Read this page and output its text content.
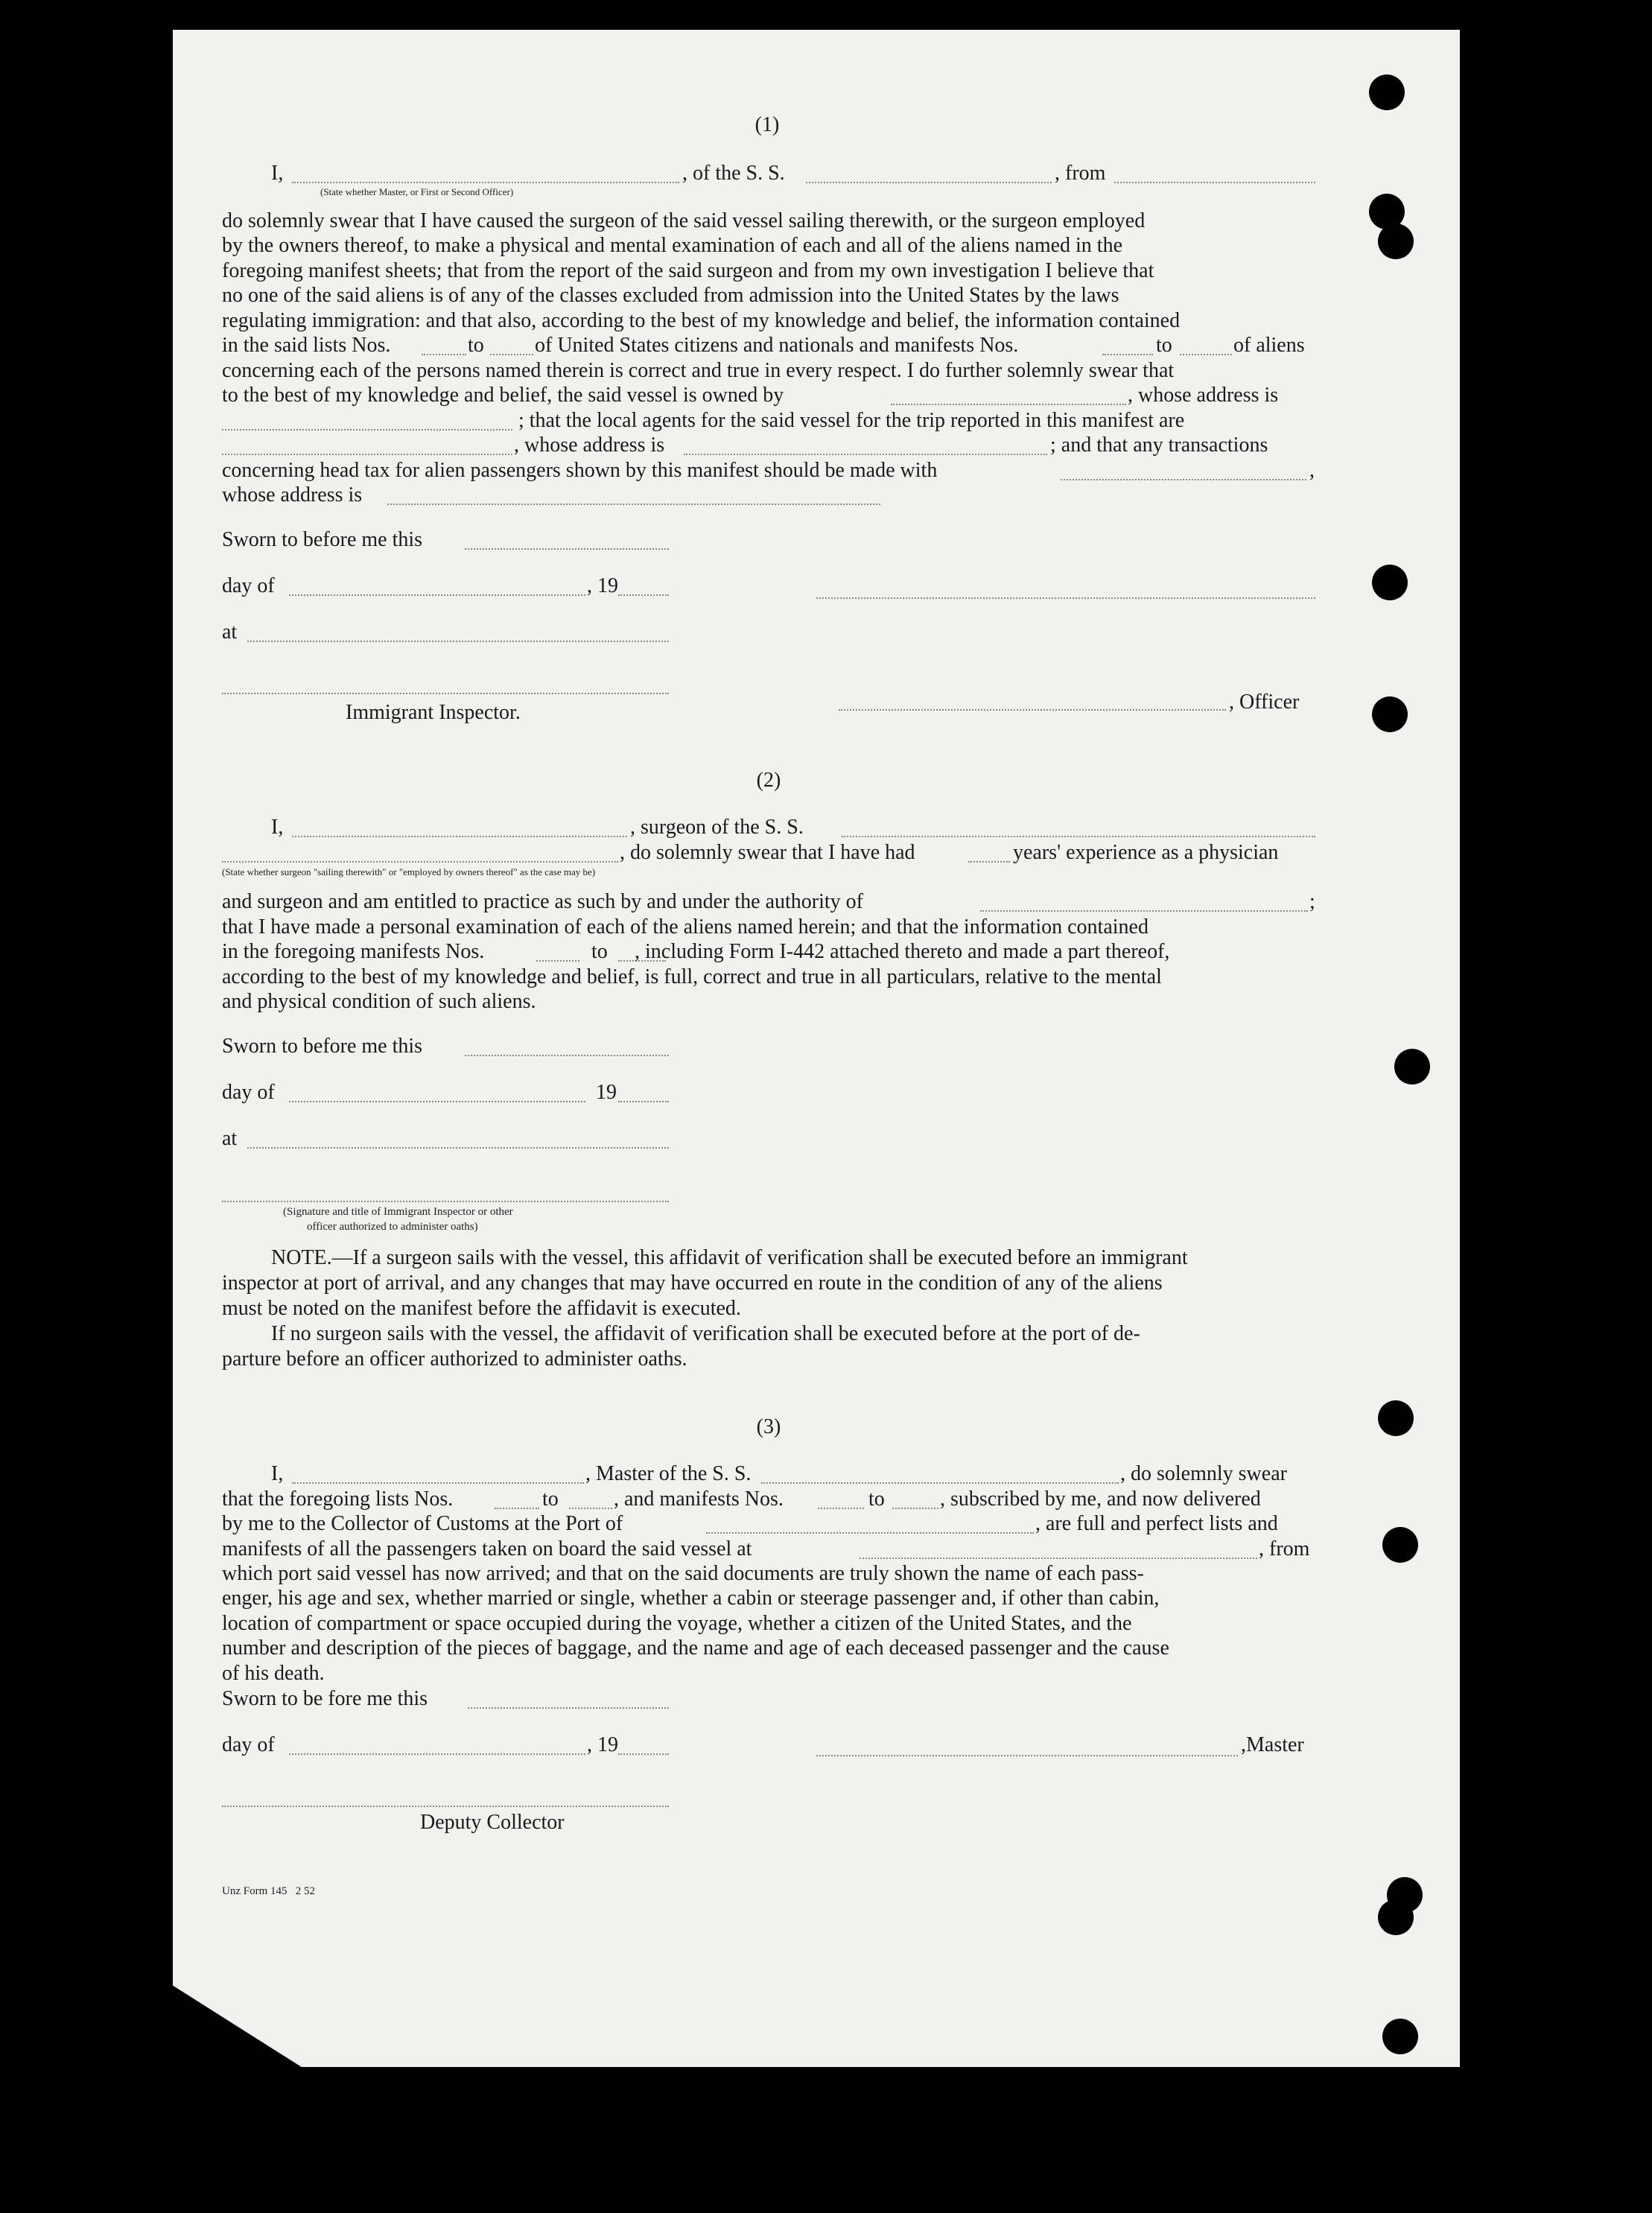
(1)
I,	, of the S. S.	, from
(State whether Master, or First or Second Officer)
do solemnly swear that I have caused the surgeon of the said vessel sailing therewith, or the surgeon employed
by the owners thereof, to make a physical and mental examination of each and all of the aliens named in the
foregoing manifest sheets; that from the report of the said surgeon and from my own investigation I believe that
no one of the said aliens is of any of the classes excluded from admission into the United States by the laws
regulating immigration: and that also, according to the best of my knowledge and belief, the information contained
in the said lists Nos.	to of United States citizens and nationals and manifests Nos.	to	of aliens
concerning each of the persons named therein is correct and true in every respect. I do further solemnly swear that
to the best of my knowledge and belief, the said vessel is owned by	, whose address is
; that the local agents for the said vessel for the trip reported in this manifest are
, whose address is	; and that any transactions
concerning head tax for alien passengers shown by this manifest should be made with	,
whose address is
Sworn to before me this
day of	, 19
at
Immigrant Inspector.	, Officer
(2)
I,	, surgeon of the S. S.
, do solemnly swear that I have had	years' experience as a physician
(State whether surgeon "sailing therewith" or "employed by owners thereof" as the case may be)
and surgeon and am entitled to practice as such by and under the authority of	;
that I have made a personal examination of each of the aliens named herein; and that the information contained
in the foregoing manifests Nos.	to , including Form I-442 attached thereto and made a part thereof,
according to the best of my knowledge and belief, is full, correct and true in all particulars, relative to the mental
and physical condition of such aliens.
Sworn to before me this
day of	19
at
(Signature and title of Immigrant Inspector or other
officer authorized to administer oaths)
NOTE.—If a surgeon sails with the vessel, this affidavit of verification shall be executed before an immigrant
inspector at port of arrival, and any changes that may have occurred en route in the condition of any of the aliens
must be noted on the manifest before the affidavit is executed.
If no surgeon sails with the vessel, the affidavit of verification shall be executed before at the port of de-
parture before an officer authorized to administer oaths.
(3)
I,	, Master of the S. S.	, do solemnly swear
that the foregoing lists Nos.	to	, and manifests Nos.	to	, subscribed by me, and now delivered
by me to the Collector of Customs at the Port of	, are full and perfect lists and
manifests of all the passengers taken on board the said vessel at	, from
which port said vessel has now arrived; and that on the said documents are truly shown the name of each pass-
enger, his age and sex, whether married or single, whether a cabin or steerage passenger and, if other than cabin,
location of compartment or space occupied during the voyage, whether a citizen of the United States, and the
number and description of the pieces of baggage, and the name and age of each deceased passenger and the cause
of his death.
Sworn to be fore me this
day of	, 19	,Master
Deputy Collector
Unz Form 145   2 52
